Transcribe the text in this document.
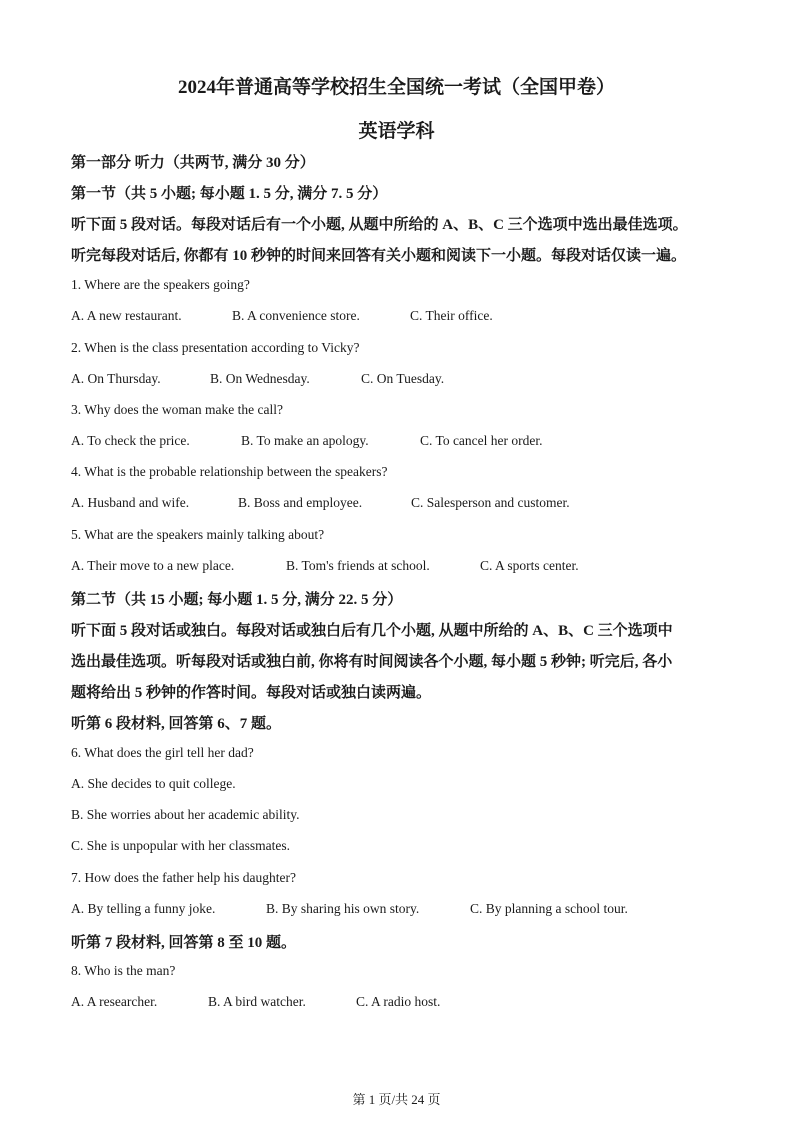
2024年普通高等学校招生全国统一考试（全国甲卷）
英语学科
第一部分 听力（共两节, 满分 30 分）
第一节（共 5 小题; 每小题 1. 5 分, 满分 7. 5 分）
听下面 5 段对话。每段对话后有一个小题, 从题中所给的 A、B、C 三个选项中选出最佳选项。
听完每段对话后, 你都有 10 秒钟的时间来回答有关小题和阅读下一小题。每段对话仅读一遍。
1. Where are the speakers going?
A. A new restaurant.	B. A convenience store.	C. Their office.
2. When is the class presentation according to Vicky?
A. On Thursday.	B. On Wednesday.	C. On Tuesday.
3. Why does the woman make the call?
A. To check the price.	B. To make an apology.	C. To cancel her order.
4. What is the probable relationship between the speakers?
A. Husband and wife.	B. Boss and employee.	C. Salesperson and customer.
5. What are the speakers mainly talking about?
A. Their move to a new place.	B. Tom's friends at school.	C. A sports center.
第二节（共 15 小题; 每小题 1. 5 分, 满分 22. 5 分）
听下面 5 段对话或独白。每段对话或独白后有几个小题, 从题中所给的 A、B、C 三个选项中
选出最佳选项。听每段对话或独白前, 你将有时间阅读各个小题, 每小题 5 秒钟; 听完后, 各小
题将给出 5 秒钟的作答时间。每段对话或独白读两遍。
听第 6 段材料, 回答第 6、7 题。
6. What does the girl tell her dad?
A. She decides to quit college.
B. She worries about her academic ability.
C. She is unpopular with her classmates.
7. How does the father help his daughter?
A. By telling a funny joke.	B. By sharing his own story.	C. By planning a school tour.
听第 7 段材料, 回答第 8 至 10 题。
8. Who is the man?
A. A researcher.	B. A bird watcher.	C. A radio host.
第 1 页/共 24 页
